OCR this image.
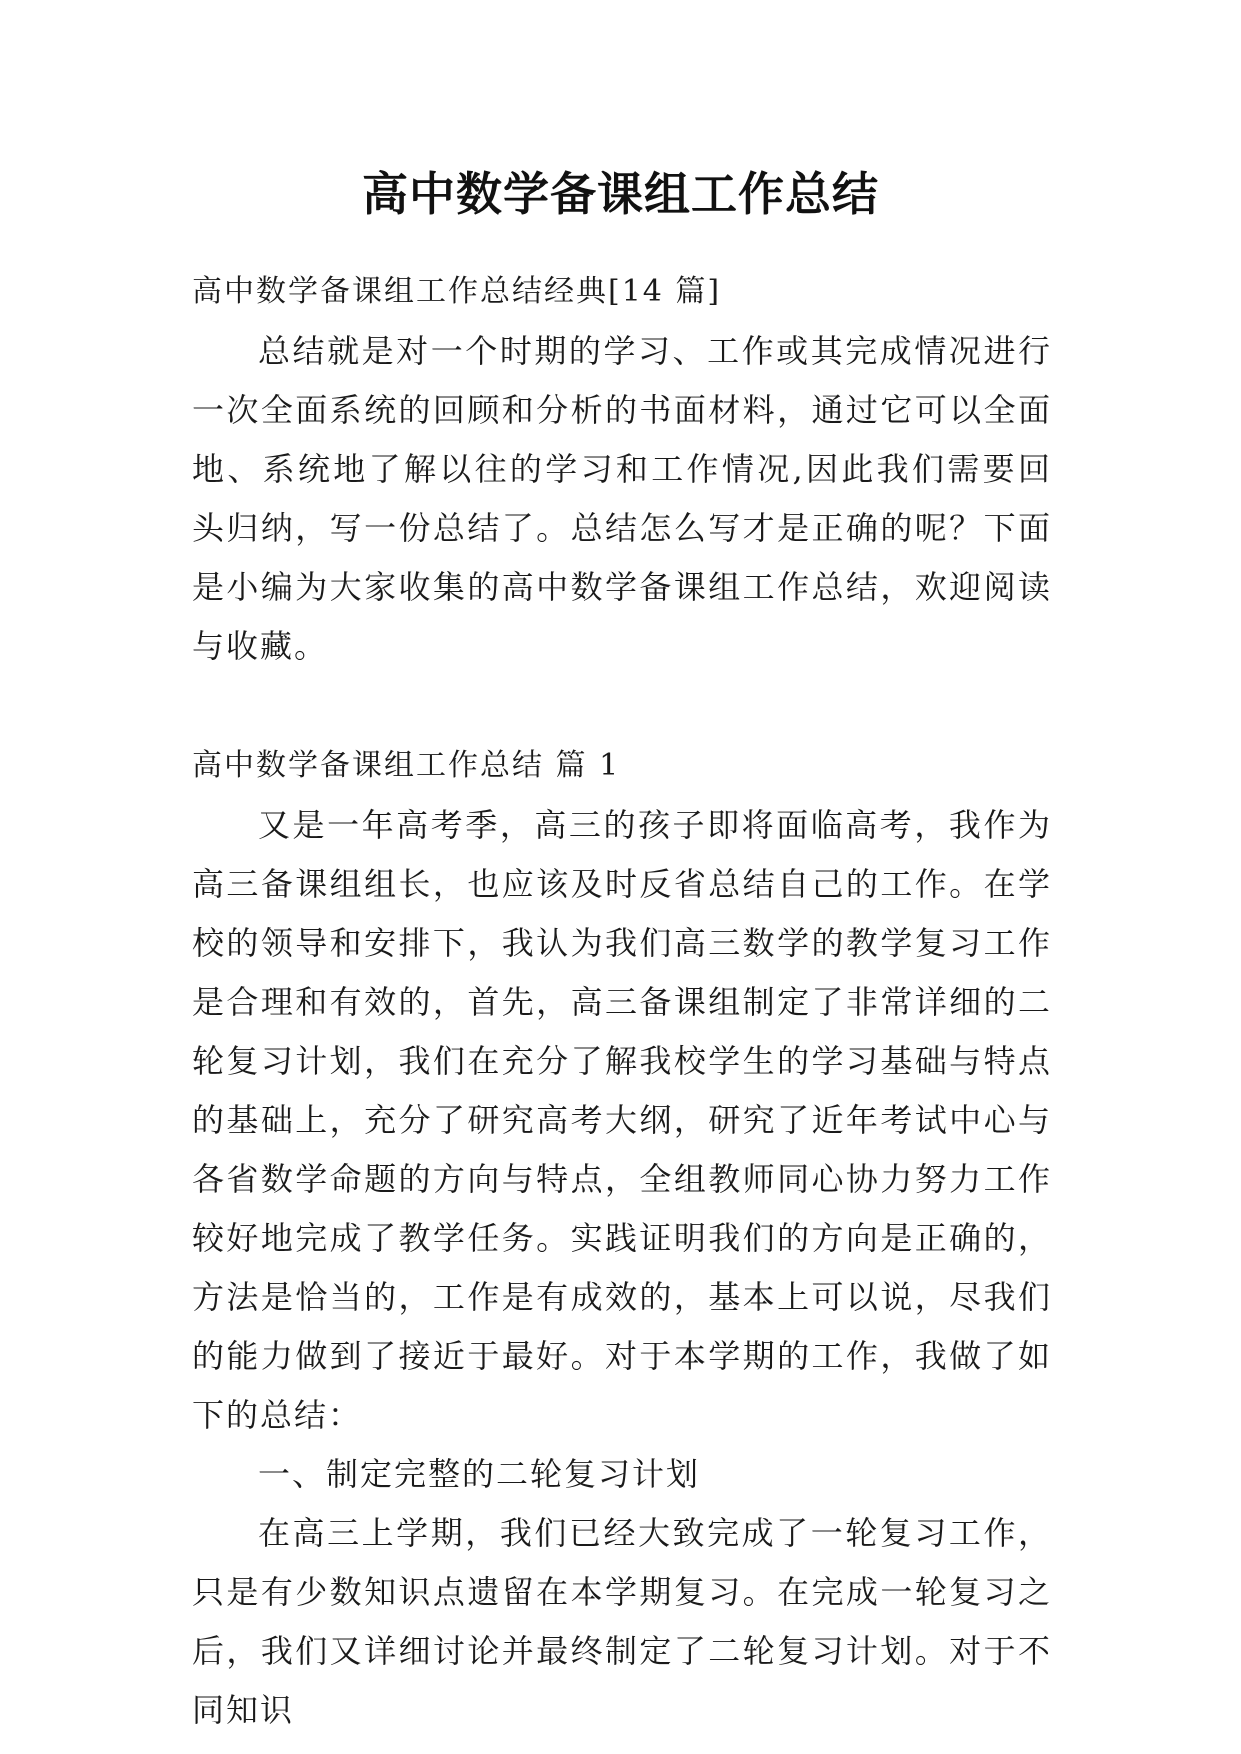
高中数学备课组工作总结
高中数学备课组工作总结经典[14 篇]

总结就是对一个时期的学习、工作或其完成情况进行一次全面系统的回顾和分析的书面材料，通过它可以全面地、系统地了解以往的学习和工作情况,因此我们需要回头归纳，写一份总结了。总结怎么写才是正确的呢？下面是小编为大家收集的高中数学备课组工作总结，欢迎阅读与收藏。

高中数学备课组工作总结 篇 1

又是一年高考季，高三的孩子即将面临高考，我作为高三备课组组长，也应该及时反省总结自己的工作。在学校的领导和安排下，我认为我们高三数学的教学复习工作是合理和有效的，首先，高三备课组制定了非常详细的二轮复习计划，我们在充分了解我校学生的学习基础与特点的基础上，充分了研究高考大纲，研究了近年考试中心与各省数学命题的方向与特点，全组教师同心协力努力工作较好地完成了教学任务。实践证明我们的方向是正确的，方法是恰当的，工作是有成效的，基本上可以说，尽我们的能力做到了接近于最好。对于本学期的工作，我做了如下的总结：

一、制定完整的二轮复习计划

在高三上学期，我们已经大致完成了一轮复习工作，只是有少数知识点遗留在本学期复习。在完成一轮复习之后，我们又详细讨论并最终制定了二轮复习计划。对于不同知识
